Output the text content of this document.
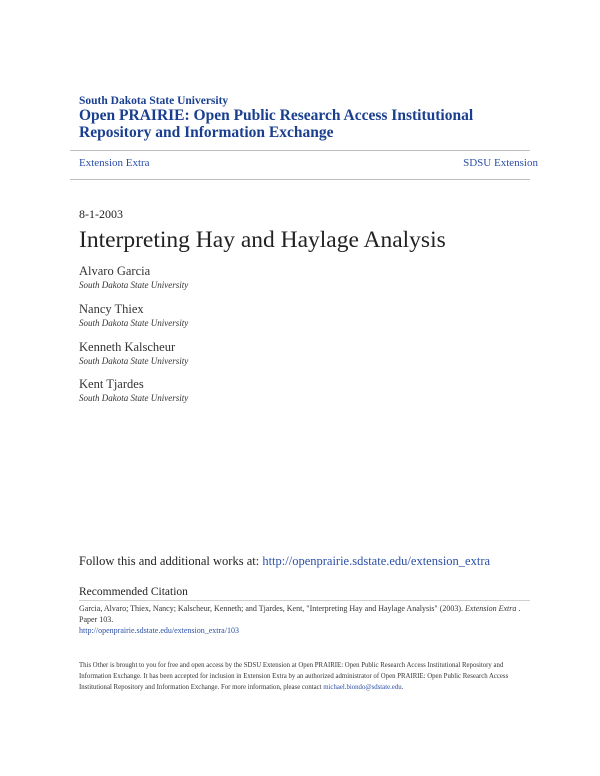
South Dakota State University
Open PRAIRIE: Open Public Research Access Institutional Repository and Information Exchange
Extension Extra	SDSU Extension
8-1-2003
Interpreting Hay and Haylage Analysis
Alvaro Garcia
South Dakota State University
Nancy Thiex
South Dakota State University
Kenneth Kalscheur
South Dakota State University
Kent Tjardes
South Dakota State University
Follow this and additional works at: http://openprairie.sdstate.edu/extension_extra
Recommended Citation
Garcia, Alvaro; Thiex, Nancy; Kalscheur, Kenneth; and Tjardes, Kent, "Interpreting Hay and Haylage Analysis" (2003). Extension Extra . Paper 103.
http://openprairie.sdstate.edu/extension_extra/103
This Other is brought to you for free and open access by the SDSU Extension at Open PRAIRIE: Open Public Research Access Institutional Repository and Information Exchange. It has been accepted for inclusion in Extension Extra by an authorized administrator of Open PRAIRIE: Open Public Research Access Institutional Repository and Information Exchange. For more information, please contact michael.biondo@sdstate.edu.
